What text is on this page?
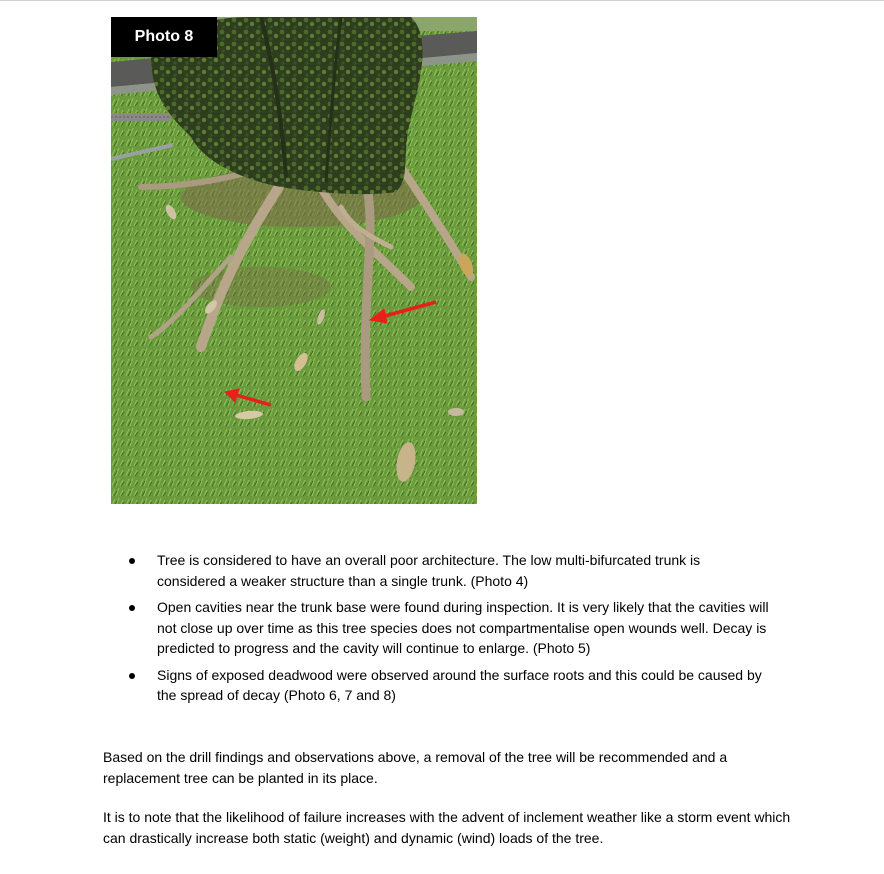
Photo 8
Tree is considered to have an overall poor architecture. The low multi-bifurcated trunk is considered a weaker structure than a single trunk. (Photo 4)
Open cavities near the trunk base were found during inspection. It is very likely that the cavities will not close up over time as this tree species does not compartmentalise open wounds well. Decay is predicted to progress and the cavity will continue to enlarge. (Photo 5)
Signs of exposed deadwood were observed around the surface roots and this could be caused by the spread of decay (Photo 6, 7 and 8)

Based on the drill findings and observations above, a removal of the tree will be recommended and a replacement tree can be planted in its place.

It is to note that the likelihood of failure increases with the advent of inclement weather like a storm event which can drastically increase both static (weight) and dynamic (wind) loads of the tree.
